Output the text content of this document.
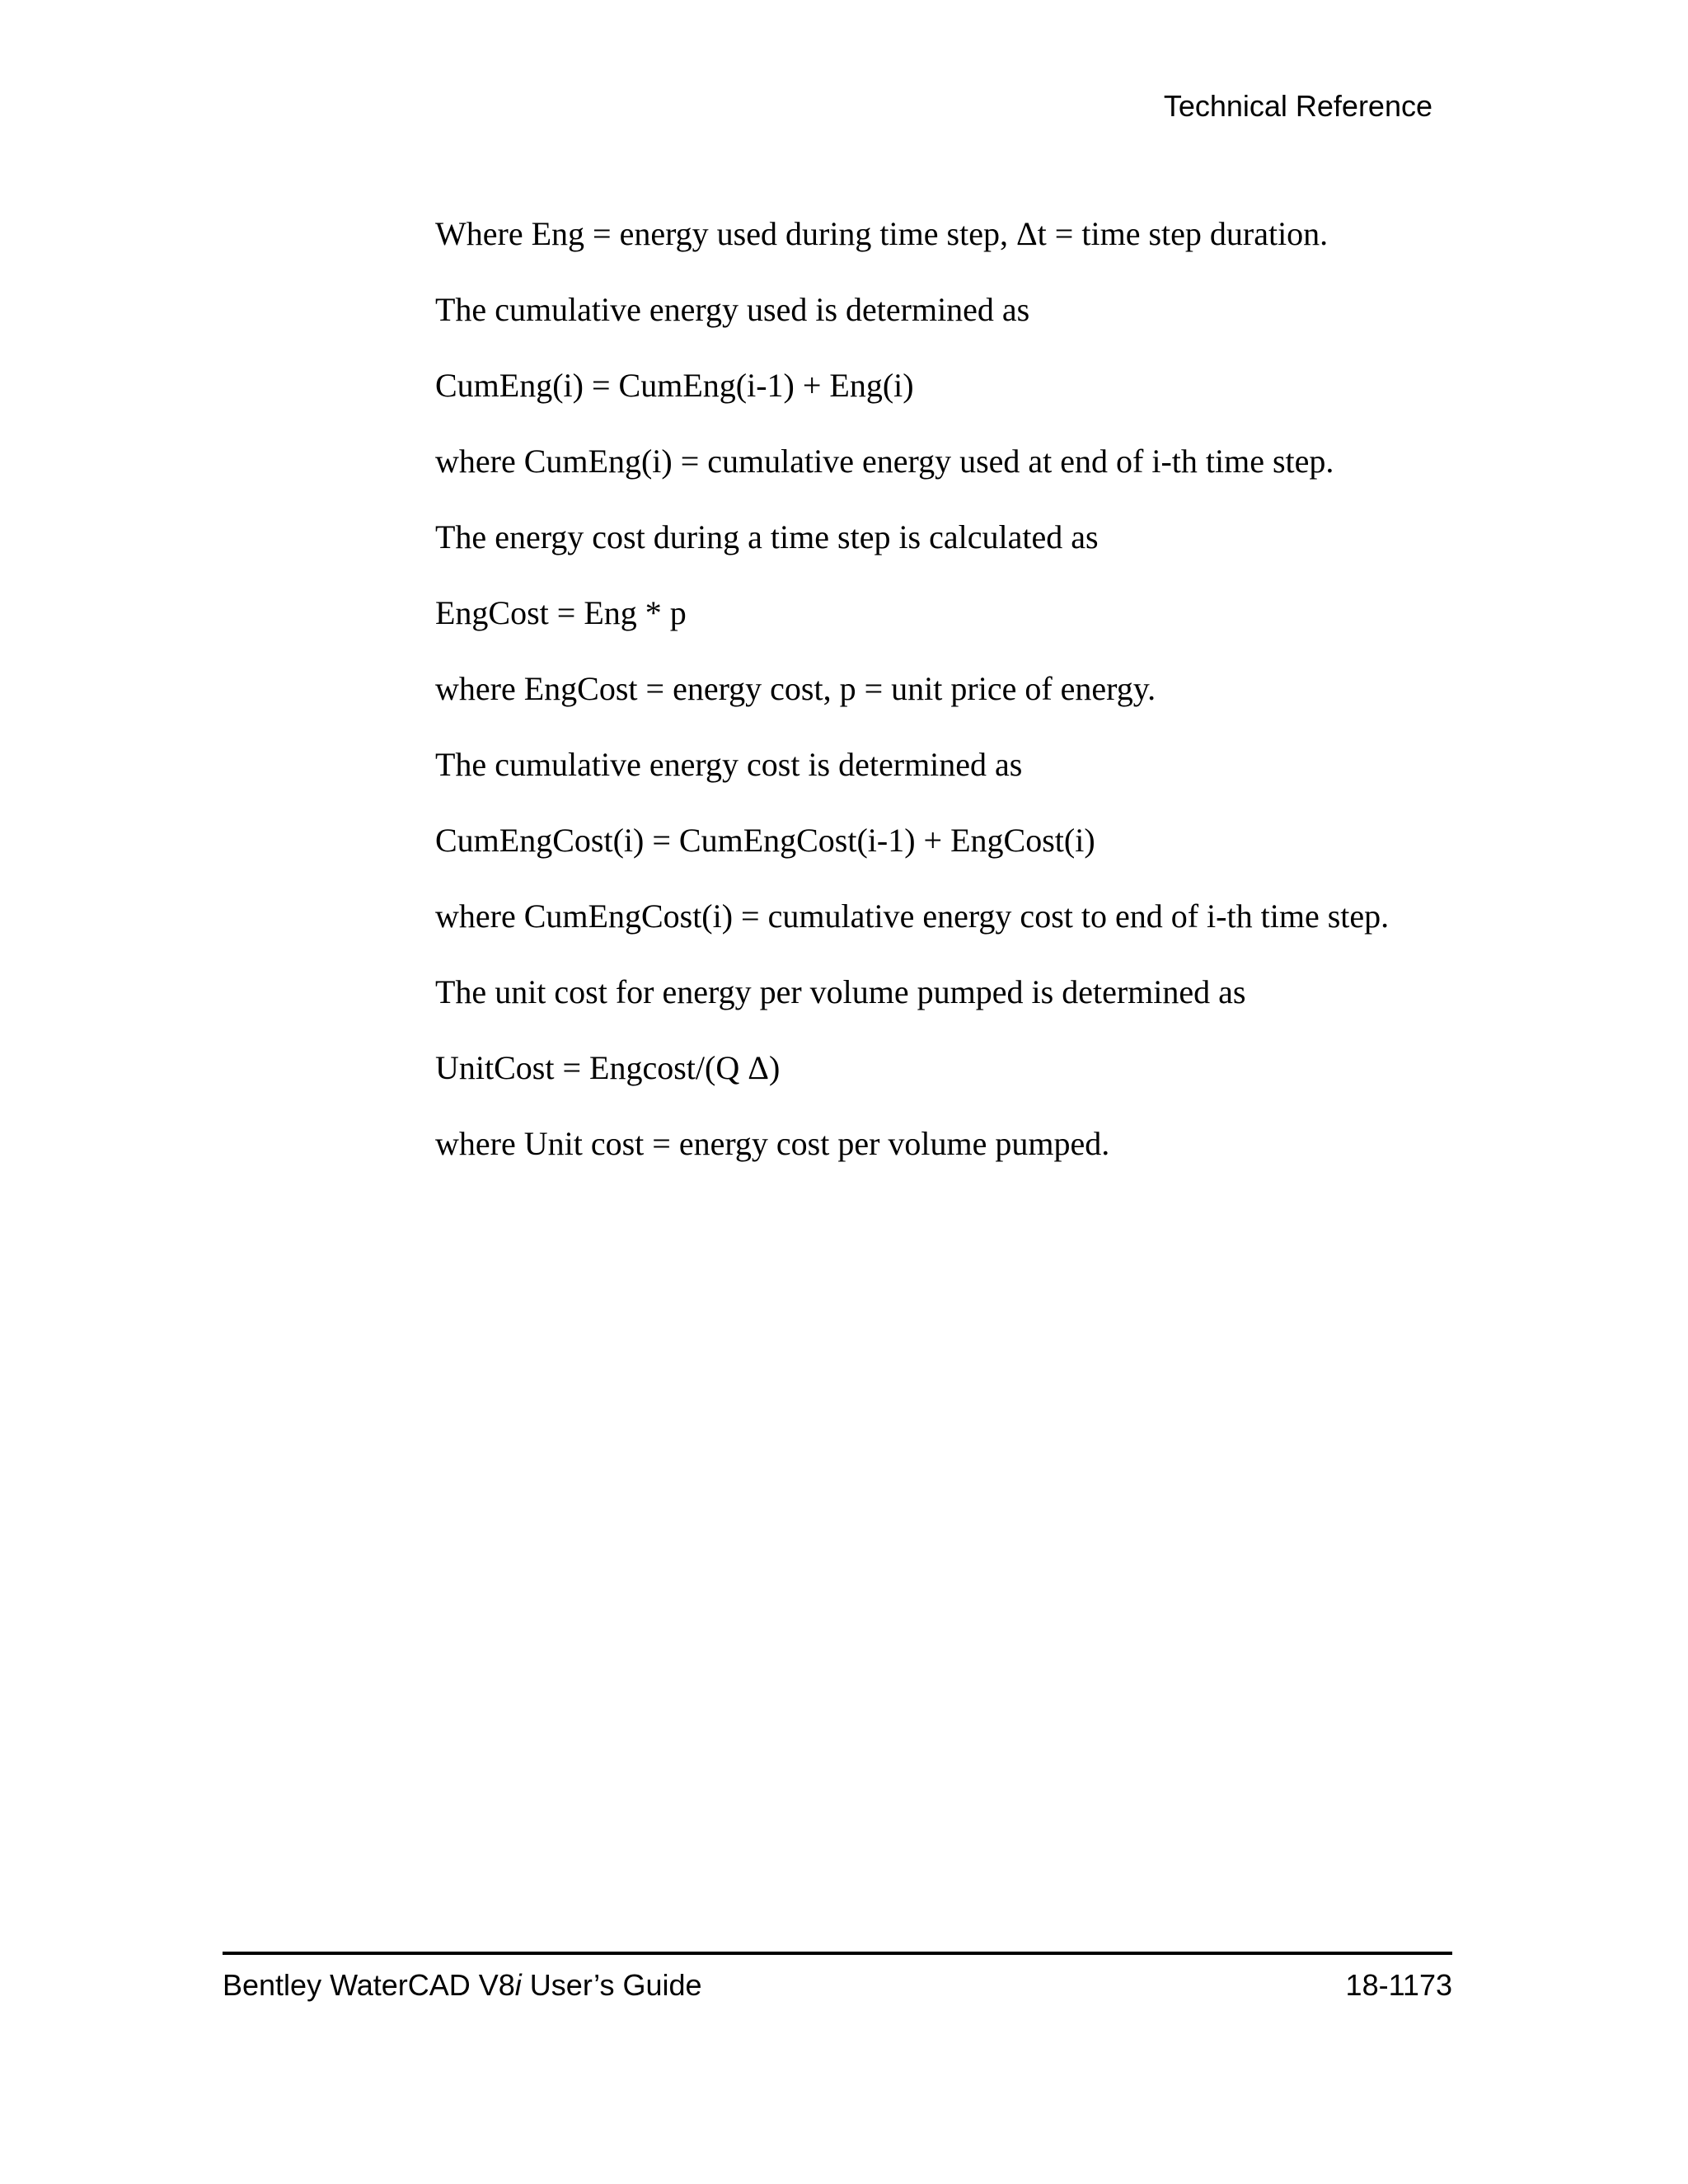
Technical Reference

Where Eng = energy used during time step, Δt = time step duration.

The cumulative energy used is determined as

CumEng(i) = CumEng(i-1) + Eng(i)

where CumEng(i) = cumulative energy used at end of i-th time step.

The energy cost during a time step is calculated as

EngCost = Eng * p

where EngCost = energy cost, p = unit price of energy.

The cumulative energy cost is determined as

CumEngCost(i) = CumEngCost(i-1) + EngCost(i)

where CumEngCost(i) = cumulative energy cost to end of i-th time step.

The unit cost for energy per volume pumped is determined as

UnitCost = Engcost/(Q Δ)

where Unit cost = energy cost per volume pumped.

Bentley WaterCAD V8i User’s Guide	18-1173
